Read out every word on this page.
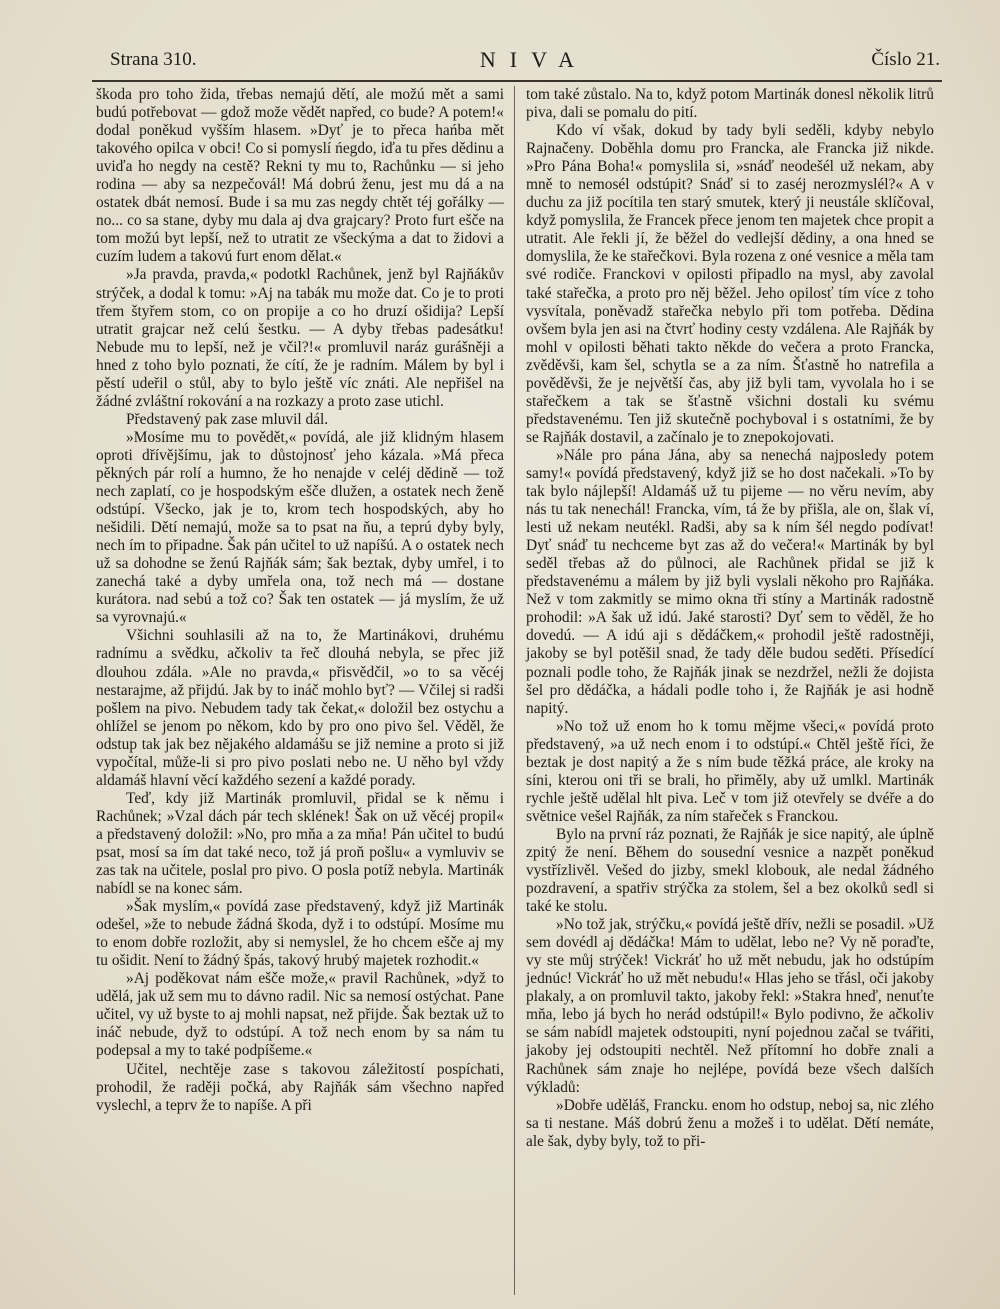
Strana 310.	NIVA	Číslo 21.

škoda pro toho žida, třebas nemajú dětí, ale možú mět a sami budú potřebovat — gdož može vědět napřed, co bude? A potem!« dodal poněkud vyšším hlasem. »Dyť je to přeca hańba mět takového opilca v obci! Co si pomyslí ńegdo, iďa tu přes dědinu a uviďa ho negdy na cestě? Rekni ty mu to, Rachůnku — si jeho rodina — aby sa nezpečovál! Má dobrú ženu, jest mu dá a na ostatek dbát nemosí. Bude i sa mu zas negdy chtět téj gořálky — no... co sa stane, dyby mu dala aj dva grajcary? Proto furt ešče na tom možú byt lepší, než to utratit ze všeckýma a dat to židovi a cuzím ludem a takovú furt enom dělat.«

»Ja pravda, pravda,« podotkl Rachůnek, jenž byl Rajňákův strýček, a dodal k tomu: »Aj na tabák mu može dat. Co je to proti třem štyřem stom, co on propije a co ho druzí ošidija? Lepší utratit grajcar než celú šestku. — A dyby třebas padesátku! Nebude mu to lepší, než je včil?!« promluvil naráz gurášněji a hned z toho bylo poznati, že cítí, že je radním. Málem by byl i pěstí udeřil o stůl, aby to bylo ještě víc znáti. Ale nepřišel na žádné zvláštní rokování a na rozkazy a proto zase utichl.

Představený pak zase mluvil dál.

»Mosíme mu to povědět,« povídá, ale již klidným hlasem oproti dřívějšímu, jak to důstojnosť jeho kázala. »Má přeca pěkných pár rolí a humno, že ho nenajde v celéj dědině — tož nech zaplatí, co je hospodským ešče dlužen, a ostatek nech ženě odstúpí. Všecko, jak je to, krom tech hospodských, aby ho nešidili. Dětí nemajú, može sa to psat na ňu, a teprú dyby byly, nech ím to připadne. Šak pán učitel to už napíšú. A o ostatek nech už sa dohodne se ženú Rajňák sám; šak beztak, dyby umřel, i to zanechá také a dyby umřela ona, tož nech má — dostane kurátora. nad sebú a tož co? Šak ten ostatek — já myslím, že už sa vyrovnajú.«

Všichni souhlasili až na to, že Martinákovi, druhému radnímu a svědku, ačkoliv ta řeč dlouhá nebyla, se přec již dlouhou zdála. »Ale no pravda,« přisvědčil, »o to sa věcéj nestarajme, až přijdú. Jak by to ináč mohlo byť? — Včilej si radši pošlem na pivo. Nebudem tady tak čekat,« doložil bez ostychu a ohlížel se jenom po někom, kdo by pro ono pivo šel. Věděl, že odstup tak jak bez nějakého aldamášu se již nemine a proto si již vypočítal, může-li si pro pivo poslati nebo ne. U něho byl vždy aldamáš hlavní věcí každého sezení a každé porady.

Teď, kdy již Martinák promluvil, přidal se k němu i Rachůnek; »Vzal dách pár tech sklének! Šak on už věcéj propil« a představený doložil: »No, pro mňa a za mňa! Pán učitel to budú psat, mosí sa ím dat také neco, tož já proň pošlu« a vymluviv se zas tak na učitele, poslal pro pivo. O posla potíž nebyla. Martinák nabídl se na konec sám.

»Šak myslím,« povídá zase představený, když již Martinák odešel, »že to nebude žádná škoda, dyž i to odstúpí. Mosíme mu to enom dobře rozložit, aby si nemyslel, že ho chcem ešče aj my tu ošidit. Není to žádný špás, takový hrubý majetek rozhodit.«

»Aj poděkovat nám ešče može,« pravil Rachůnek, »dyž to udělá, jak už sem mu to dávno radil. Nic sa nemosí ostýchat. Pane učitel, vy už byste to aj mohli napsat, než přijde. Šak beztak už to ináč nebude, dyž to odstúpí. A tož nech enom by sa nám tu podepsal a my to také podpíšeme.«

Učitel, nechtěje zase s takovou záležitostí pospíchati, prohodil, že raději počká, aby Rajňák sám všechno napřed vyslechl, a teprv že to napíše. A při

tom také zůstalo. Na to, když potom Martinák donesl několik litrů piva, dali se pomalu do pití.

Kdo ví však, dokud by tady byli seděli, kdyby nebylo Rajnačeny. Doběhla domu pro Francka, ale Francka již nikde. »Pro Pána Boha!« pomyslila si, »snáď neodešél už nekam, aby mně to nemosél odstúpit? Snáď si to zaséj nerozmyslél?« A v duchu za již pocítila ten starý smutek, který ji neustále sklíčoval, když pomyslila, že Francek přece jenom ten majetek chce propit a utratit. Ale řekli jí, že běžel do vedlejší dědiny, a ona hned se domyslila, že ke stařečkovi. Byla rozena z oné vesnice a měla tam své rodiče. Franckovi v opilosti připadlo na mysl, aby zavolal také stařečka, a proto pro něj běžel. Jeho opilosť tím více z toho vysvítala, poněvadž stařečka nebylo při tom potřeba. Dědina ovšem byla jen asi na čtvrť hodiny cesty vzdálena. Ale Rajňák by mohl v opilosti běhati takto někde do večera a proto Francka, zvěděvši, kam šel, schytla se a za ním. Šťastně ho natrefila a pověděvši, že je největší čas, aby již byli tam, vyvolala ho i se stařečkem a tak se šťastně všichni dostali ku svému představenému. Ten již skutečně pochyboval i s ostatními, že by se Rajňák dostavil, a začínalo je to znepokojovati.

»Nále pro pána Jána, aby sa nenechá najposledy potem samy!« povídá představený, když již se ho dost načekali. »To by tak bylo nájlepší! Aldamáš už tu pijeme — no věru nevím, aby nás tu tak nenechál! Francka, vím, tá že by přišla, ale on, šlak ví, lesti už nekam neutékl. Radši, aby sa k ním šél negdo podívat! Dyť snáď tu nechceme byt zas až do večera!« Martinák by byl seděl třebas až do půlnoci, ale Rachůnek přidal se již k představenému a málem by již byli vyslali někoho pro Rajňáka. Než v tom zakmitly se mimo okna tři stíny a Martinák radostně prohodil: »A šak už idú. Jaké starosti? Dyť sem to věděl, že ho dovedú. — A idú aji s dědáčkem,« prohodil ještě radostněji, jakoby se byl potěšil snad, že tady děle budou seděti. Přísedící poznali podle toho, že Rajňák jinak se nezdržel, nežli že dojista šel pro dědáčka, a hádali podle toho i, že Rajňák je asi hodně napitý.

»No tož už enom ho k tomu mějme všeci,« povídá proto představený, »a už nech enom i to odstúpí.« Chtěl ještě říci, že beztak je dost napitý a že s ním bude těžká práce, ale kroky na síni, kterou oni tři se brali, ho přiměly, aby už umlkl. Martinák rychle ještě udělal hlt piva. Leč v tom již otevřely se dvéře a do světnice vešel Rajňák, za ním stařeček s Franckou.

Bylo na první ráz poznati, že Rajňák je sice napitý, ale úplně zpitý že není. Během do sousední vesnice a nazpět poněkud vystřízlivěl. Vešed do jizby, smekl klobouk, ale nedal žádného pozdravení, a spatřiv strýčka za stolem, šel a bez okolků sedl si také ke stolu.

»No tož jak, strýčku,« povídá ještě dřív, nežli se posadil. »Už sem dovédl aj dědáčka! Mám to udělat, lebo ne? Vy ně poraďte, vy ste můj strýček! Vickráť ho už mět nebudu, jak ho odstúpím jednúc! Vickráť ho už mět nebudu!« Hlas jeho se třásl, oči jakoby plakaly, a on promluvil takto, jakoby řekl: »Stakra hneď, nenuťte mňa, lebo já bych ho nerád odstúpil!« Bylo podivno, že ačkoliv se sám nabídl majetek odstoupiti, nyní pojednou začal se tvářiti, jakoby jej odstoupiti nechtěl. Než přítomní ho dobře znali a Rachůnek sám znaje ho nejlépe, povídá beze všech dalších výkladů:

»Dobře uděláš, Francku. enom ho odstup, neboj sa, nic zlého sa ti nestane. Máš dobrú ženu a možeš i to udělat. Dětí nemáte, ale šak, dyby byly, tož to při-
